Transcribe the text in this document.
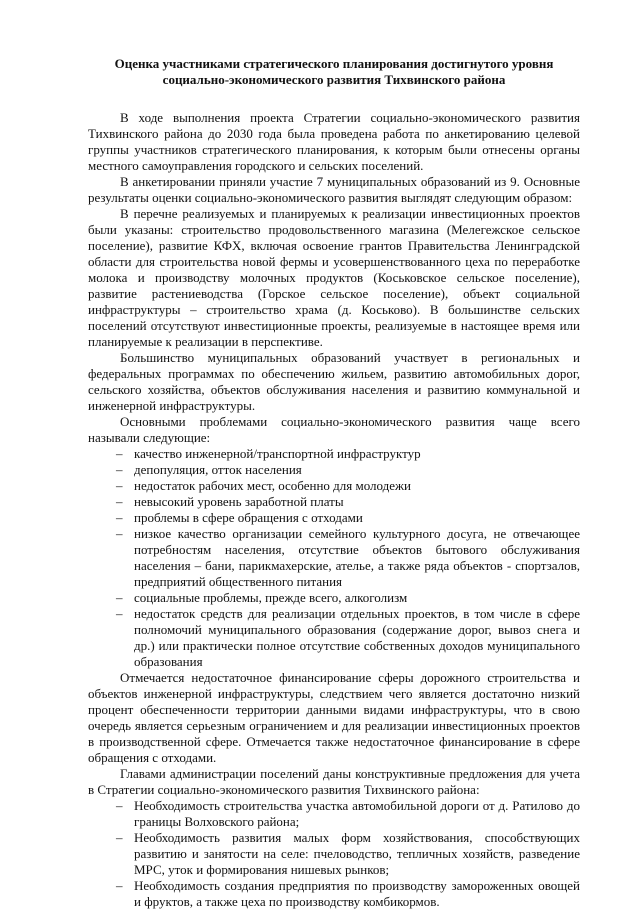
Оценка участниками стратегического планирования достигнутого уровня
социально-экономического развития Тихвинского района

В ходе выполнения проекта Стратегии социально-экономического развития Тихвинского района до 2030 года была проведена работа по анкетированию целевой группы участников стратегического планирования, к которым были отнесены органы местного самоуправления городского и сельских поселений.

В анкетировании приняли участие 7 муниципальных образований из 9. Основные результаты оценки социально-экономического развития выглядят следующим образом:

В перечне реализуемых и планируемых к реализации инвестиционных проектов были указаны: строительство продовольственного магазина (Мелегежское сельское поселение), развитие КФХ, включая освоение грантов Правительства Ленинградской области для строительства новой фермы и усовершенствованного цеха по переработке молока и производству молочных продуктов (Коськовское сельское поселение), развитие растениеводства (Горское сельское поселение), объект социальной инфраструктуры – строительство храма (д. Коськово). В большинстве сельских поселений отсутствуют инвестиционные проекты, реализуемые в настоящее время или планируемые к реализации в перспективе.

Большинство муниципальных образований участвует в региональных и федеральных программах по обеспечению жильем, развитию автомобильных дорог, сельского хозяйства, объектов обслуживания населения и развитию коммунальной и инженерной инфраструктуры.

Основными проблемами социально-экономического развития чаще всего называли следующие:

– качество инженерной/транспортной инфраструктур
– депопуляция, отток населения
– недостаток рабочих мест, особенно для молодежи
– невысокий уровень заработной платы
– проблемы в сфере обращения с отходами
– низкое качество организации семейного культурного досуга, не отвечающее потребностям населения, отсутствие объектов бытового обслуживания населения – бани, парикмахерские, ателье, а также ряда объектов - спортзалов, предприятий общественного питания
– социальные проблемы, прежде всего, алкоголизм
– недостаток средств для реализации отдельных проектов, в том числе в сфере полномочий муниципального образования (содержание дорог, вывоз снега и др.) или практически полное отсутствие собственных доходов муниципального образования

Отмечается недостаточное финансирование сферы дорожного строительства и объектов инженерной инфраструктуры, следствием чего является достаточно низкий процент обеспеченности территории данными видами инфраструктуры, что в свою очередь является серьезным ограничением и для реализации инвестиционных проектов в производственной сфере. Отмечается также недостаточное финансирование в сфере обращения с отходами.

Главами администрации поселений даны конструктивные предложения для учета в Стратегии социально-экономического развития Тихвинского района:

– Необходимость строительства участка автомобильной дороги от д. Ратилово до границы Волховского района;
– Необходимость развития малых форм хозяйствования, способствующих развитию и занятости на селе: пчеловодство, тепличных хозяйств, разведение МРС, уток и формирования нишевых рынков;
– Необходимость создания предприятия по производству замороженных овощей и фруктов, а также цеха по производству комбикормов.
